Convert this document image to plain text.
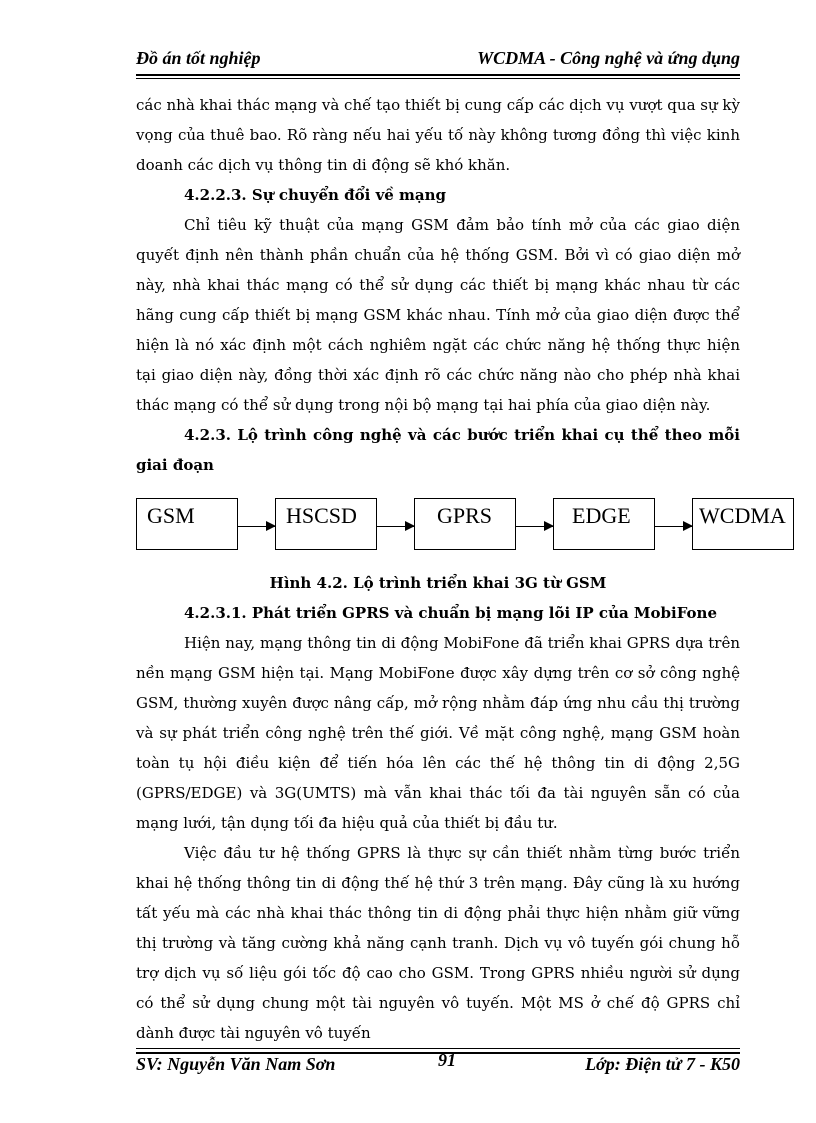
Đồ án tốt nghiệp	WCDMA - Công nghệ và ứng dụng

các nhà khai thác mạng và chế tạo thiết bị cung cấp các dịch vụ vượt qua sự kỳ vọng của thuê bao. Rõ ràng nếu hai yếu tố này không tương đồng thì việc kinh doanh các dịch vụ thông tin di động sẽ khó khăn.

4.2.2.3. Sự chuyển đổi về mạng

Chỉ tiêu kỹ thuật của mạng GSM đảm bảo tính mở của các giao diện quyết định nên thành phần chuẩn của hệ thống GSM. Bởi vì có giao diện mở này, nhà khai thác mạng có thể sử dụng các thiết bị mạng khác nhau từ các hãng cung cấp thiết bị mạng GSM khác nhau. Tính mở của giao diện được thể hiện là nó xác định một cách nghiêm ngặt các chức năng hệ thống thực hiện tại giao diện này, đồng thời xác định rõ các chức năng nào cho phép nhà khai thác mạng có thể sử dụng trong nội bộ mạng tại hai phía của giao diện này.

4.2.3. Lộ trình công nghệ và các bước triển khai cụ thể theo mỗi giai đoạn

GSM	HSCSD	GPRS	EDGE	WCDMA

Hình 4.2. Lộ trình triển khai 3G từ GSM

4.2.3.1. Phát triển GPRS và chuẩn bị mạng lõi IP của MobiFone

Hiện nay, mạng thông tin di động MobiFone đã triển khai GPRS dựa trên nền mạng GSM hiện tại. Mạng MobiFone được xây dựng trên cơ sở công nghệ GSM, thường xuyên được nâng cấp, mở rộng nhằm đáp ứng nhu cầu thị trường và sự phát triển công nghệ trên thế giới. Về mặt công nghệ, mạng GSM hoàn toàn tụ hội điều kiện để tiến hóa lên các thế hệ thông tin di động 2,5G (GPRS/EDGE) và 3G(UMTS) mà vẫn khai thác tối đa tài nguyên sẵn có của mạng lưới, tận dụng tối đa hiệu quả của thiết bị đầu tư.

Việc đầu tư hệ thống GPRS là thực sự cần thiết nhằm từng bước triển khai hệ thống thông tin di động thế hệ thứ 3 trên mạng. Đây cũng là xu hướng tất yếu mà các nhà khai thác thông tin di động phải thực hiện nhằm giữ vững thị trường và tăng cường khả năng cạnh tranh. Dịch vụ vô tuyến gói chung hỗ trợ dịch vụ số liệu gói tốc độ cao cho GSM. Trong GPRS nhiều người sử dụng có thể sử dụng chung một tài nguyên vô tuyến. Một MS ở chế độ GPRS chỉ dành được tài nguyên vô tuyến

SV: Nguyễn Văn Nam Sơn	91	Lớp: Điện tử 7 - K50
